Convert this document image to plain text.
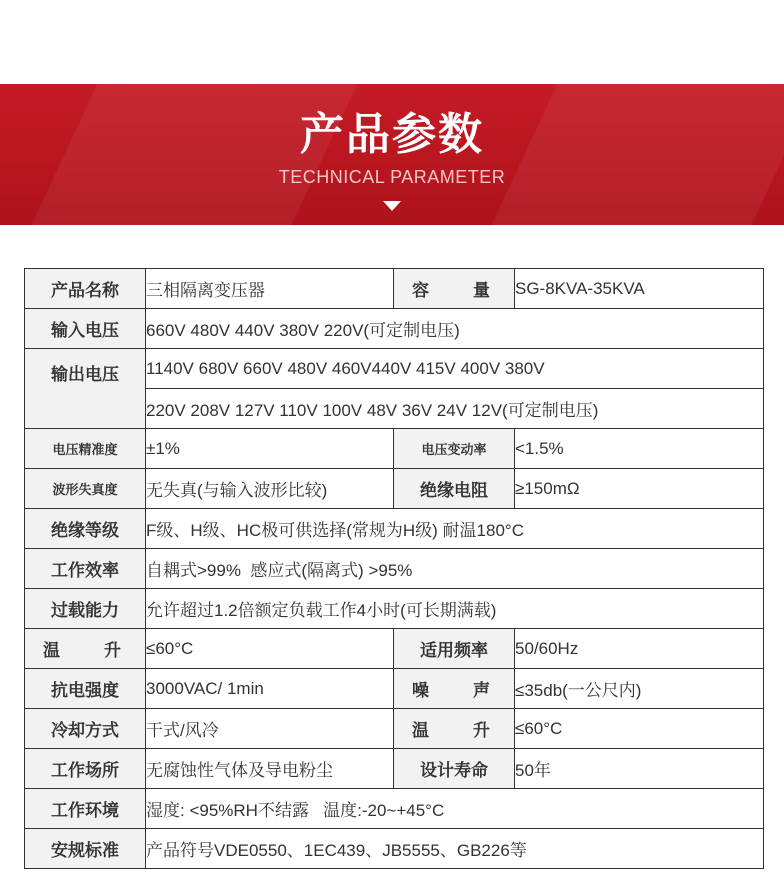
产品参数
TECHNICAL PARAMETER
产品名称	三相隔离变压器	容 量	SG-8KVA-35KVA
输入电压	660V 480V 440V 380V 220V(可定制电压)		
输出电压	1140V 680V 660V 480V 460V440V 415V 400V 380V		
	220V 208V 127V 110V 100V 48V 36V 24V 12V(可定制电压)		
电压精准度	±1%	电压变动率	<1.5%
波形失真度	无失真(与输入波形比较)	绝缘电阻	≥150mΩ
绝缘等级	F级、H级、HC极可供选择(常规为H级) 耐温180°C		
工作效率	自耦式>99%  感应式(隔离式) >95%		
过载能力	允许超过1.2倍额定负载工作4小时(可长期满载)		

温 升	≤60°C	适用频率	50/60Hz
抗电强度	3000VAC/ 1min	噪 声	≤35db(一公尺内)
冷却方式	干式/风冷	温 升	≤60°C
工作场所	无腐蚀性气体及导电粉尘	设计寿命	50年
工作环境	湿度: <95%RH不结露   温度:-20~+45°C		
安规标准	产品符号VDE0550、1EC439、JB5555、GB226等		
